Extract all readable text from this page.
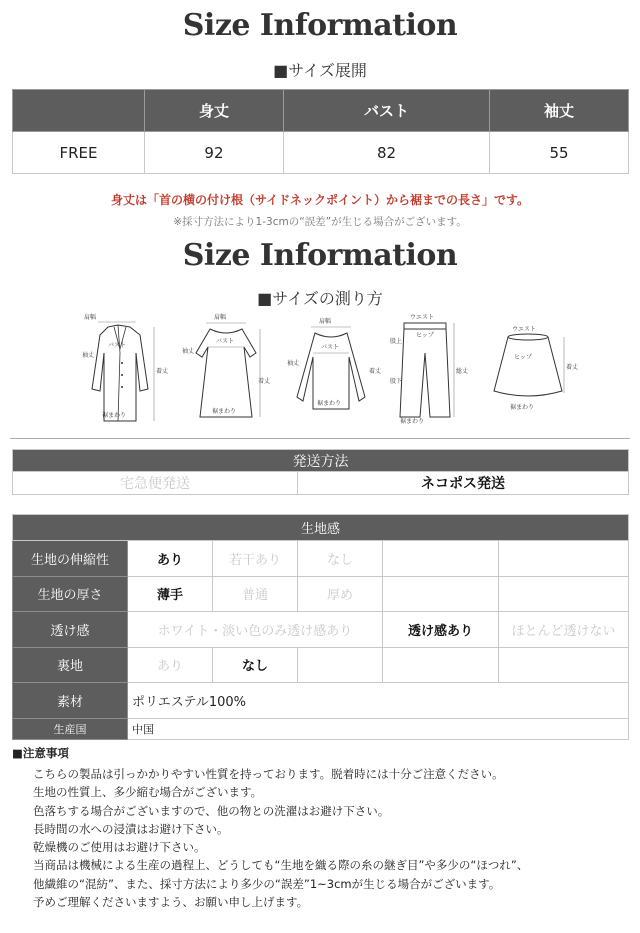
Size Information
■サイズ展開
	身丈	バスト	袖丈
FREE	92	82	55
身丈は「首の横の付け根（サイドネックポイント）から裾までの長さ」です。
※採寸方法により1-3cmの“誤差”が生じる場合がございます。
Size Information
■サイズの測り方
肩幅
袖丈
バスト
着丈
裾まわり
肩幅
バスト
袖丈
着丈
裾まわり
肩幅
袖丈
バスト
着丈
裾まわり
ウエスト
ヒップ
股上
股下
総丈
裾まわり
ウエスト
ヒップ
着丈
裾まわり
発送方法
宅急便発送	ネコポス発送
生地感					
生地の伸縮性	あり	若干あり	なし		
生地の厚さ	薄手	普通	厚め		
透け感	ホワイト・淡い色のみ透け感あり			透け感あり	ほとんど透けない
裏地	あり	なし			
素材	ポリエステル100%				
生産国	中国				
■注意事項
こちらの製品は引っかかりやすい性質を持っております。脱着時には十分ご注意ください。
生地の性質上、多少縮む場合がございます。
色落ちする場合がございますので、他の物との洗濯はお避け下さい。
長時間の水への浸漬はお避け下さい。
乾燥機のご使用はお避け下さい。
当商品は機械による生産の過程上、どうしても“生地を織る際の糸の継ぎ目”や多少の“ほつれ”、
他繊維の“混紡”、また、採寸方法により多少の“誤差”1~3cmが生じる場合がございます。
予めご理解くださいますよう、お願い申し上げます。
